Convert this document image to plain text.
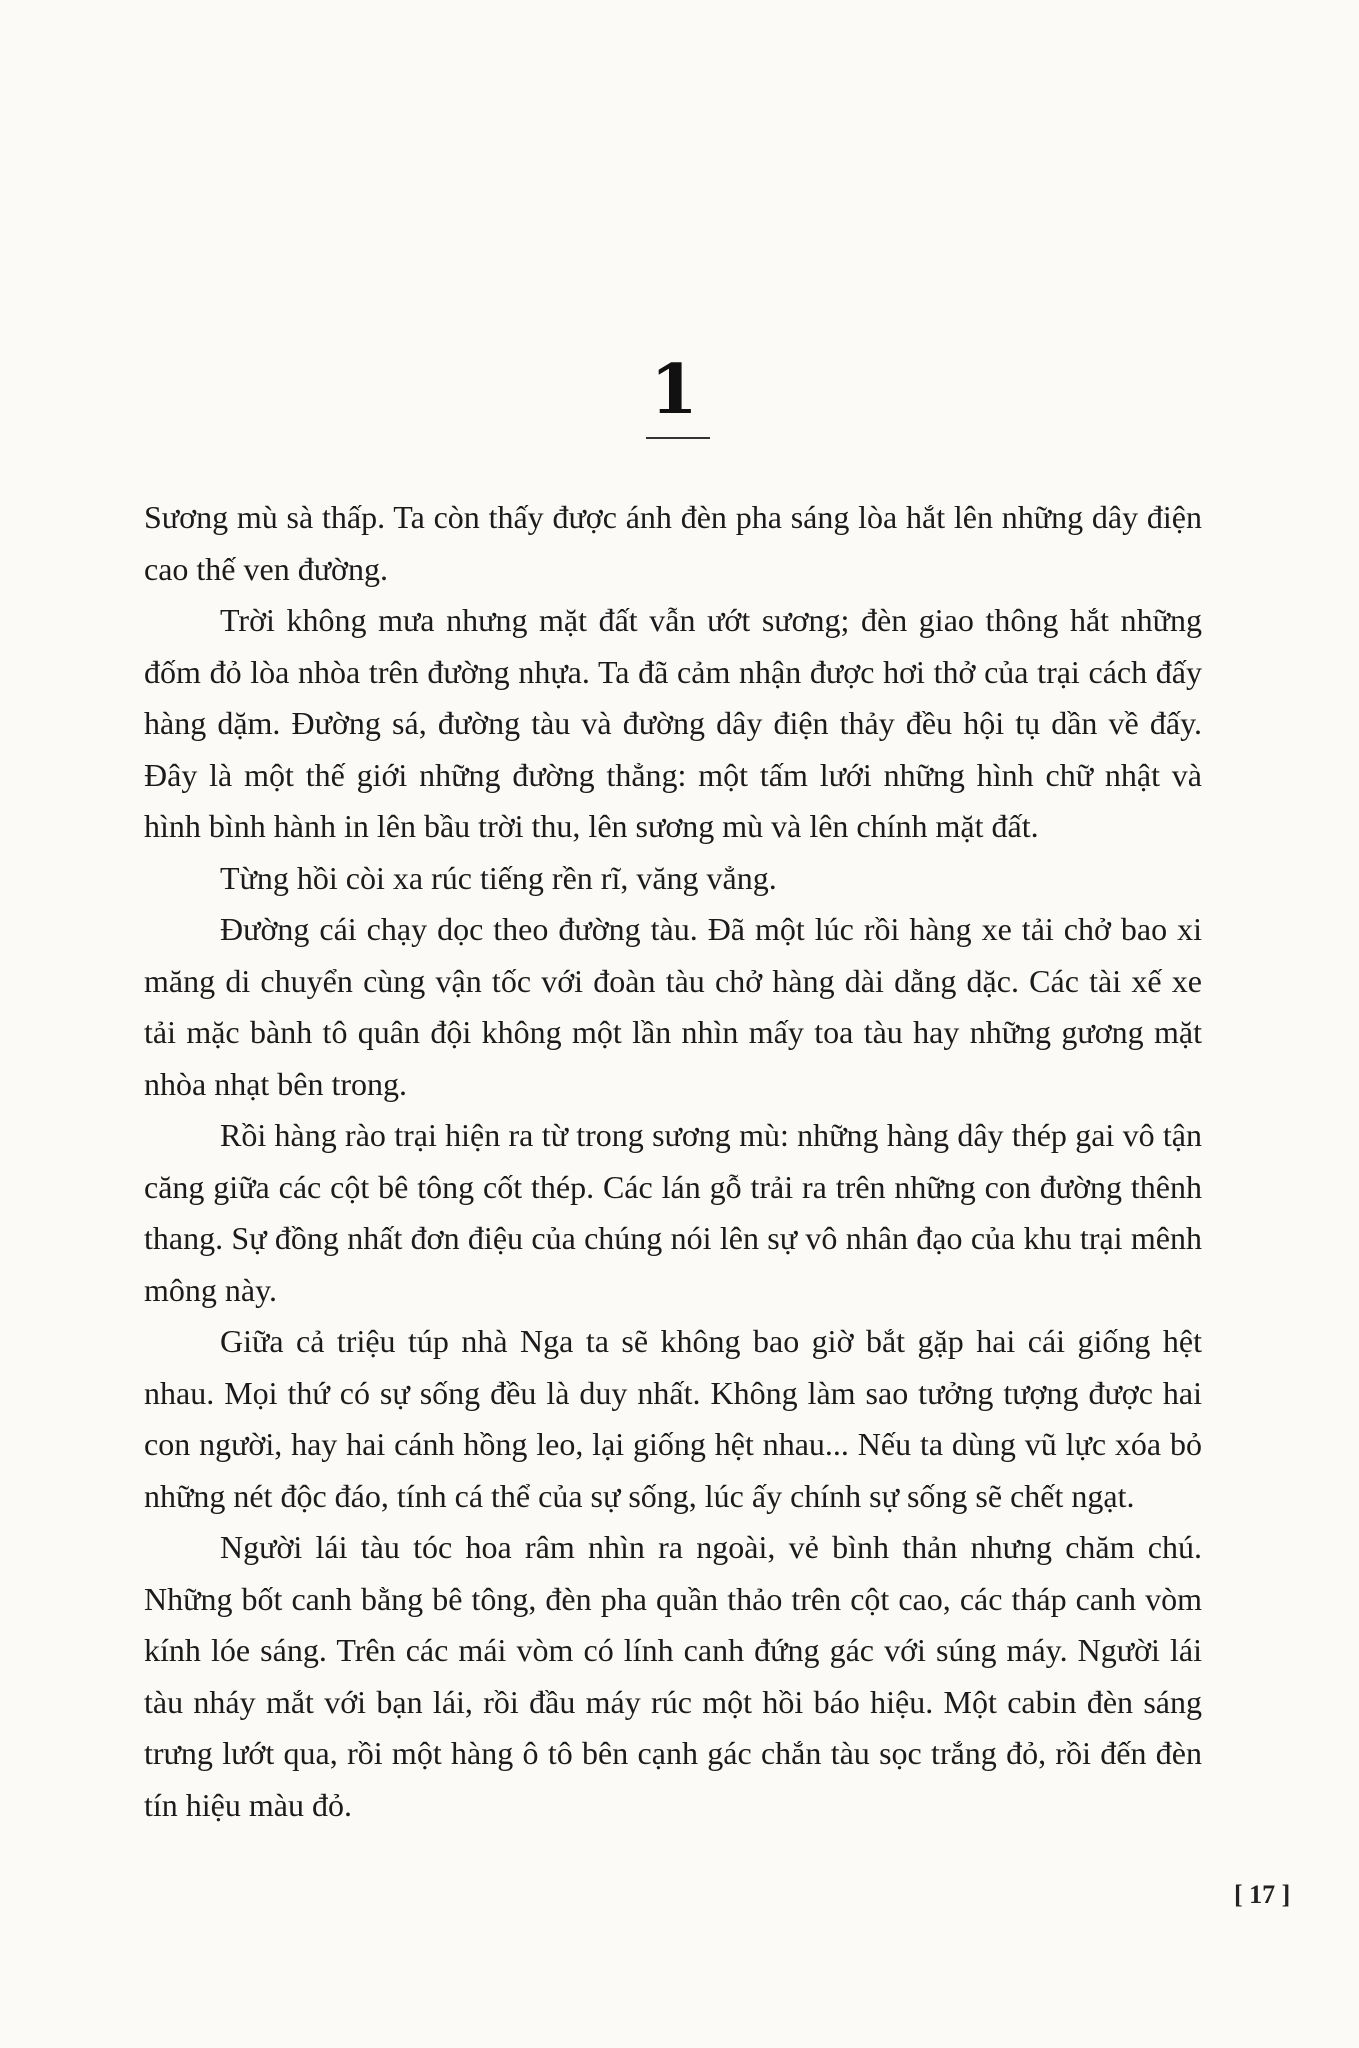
1

Sương mù sà thấp. Ta còn thấy được ánh đèn pha sáng lòa hắt lên những dây điện cao thế ven đường.

Trời không mưa nhưng mặt đất vẫn ướt sương; đèn giao thông hắt những đốm đỏ lòa nhòa trên đường nhựa. Ta đã cảm nhận được hơi thở của trại cách đấy hàng dặm. Đường sá, đường tàu và đường dây điện thảy đều hội tụ dần về đấy. Đây là một thế giới những đường thẳng: một tấm lưới những hình chữ nhật và hình bình hành in lên bầu trời thu, lên sương mù và lên chính mặt đất.

Từng hồi còi xa rúc tiếng rền rĩ, văng vẳng.

Đường cái chạy dọc theo đường tàu. Đã một lúc rồi hàng xe tải chở bao xi măng di chuyển cùng vận tốc với đoàn tàu chở hàng dài dằng dặc. Các tài xế xe tải mặc bành tô quân đội không một lần nhìn mấy toa tàu hay những gương mặt nhòa nhạt bên trong.

Rồi hàng rào trại hiện ra từ trong sương mù: những hàng dây thép gai vô tận căng giữa các cột bê tông cốt thép. Các lán gỗ trải ra trên những con đường thênh thang. Sự đồng nhất đơn điệu của chúng nói lên sự vô nhân đạo của khu trại mênh mông này.

Giữa cả triệu túp nhà Nga ta sẽ không bao giờ bắt gặp hai cái giống hệt nhau. Mọi thứ có sự sống đều là duy nhất. Không làm sao tưởng tượng được hai con người, hay hai cánh hồng leo, lại giống hệt nhau... Nếu ta dùng vũ lực xóa bỏ những nét độc đáo, tính cá thể của sự sống, lúc ấy chính sự sống sẽ chết ngạt.

Người lái tàu tóc hoa râm nhìn ra ngoài, vẻ bình thản nhưng chăm chú. Những bốt canh bằng bê tông, đèn pha quần thảo trên cột cao, các tháp canh vòm kính lóe sáng. Trên các mái vòm có lính canh đứng gác với súng máy. Người lái tàu nháy mắt với bạn lái, rồi đầu máy rúc một hồi báo hiệu. Một cabin đèn sáng trưng lướt qua, rồi một hàng ô tô bên cạnh gác chắn tàu sọc trắng đỏ, rồi đến đèn tín hiệu màu đỏ.

[ 17 ]
